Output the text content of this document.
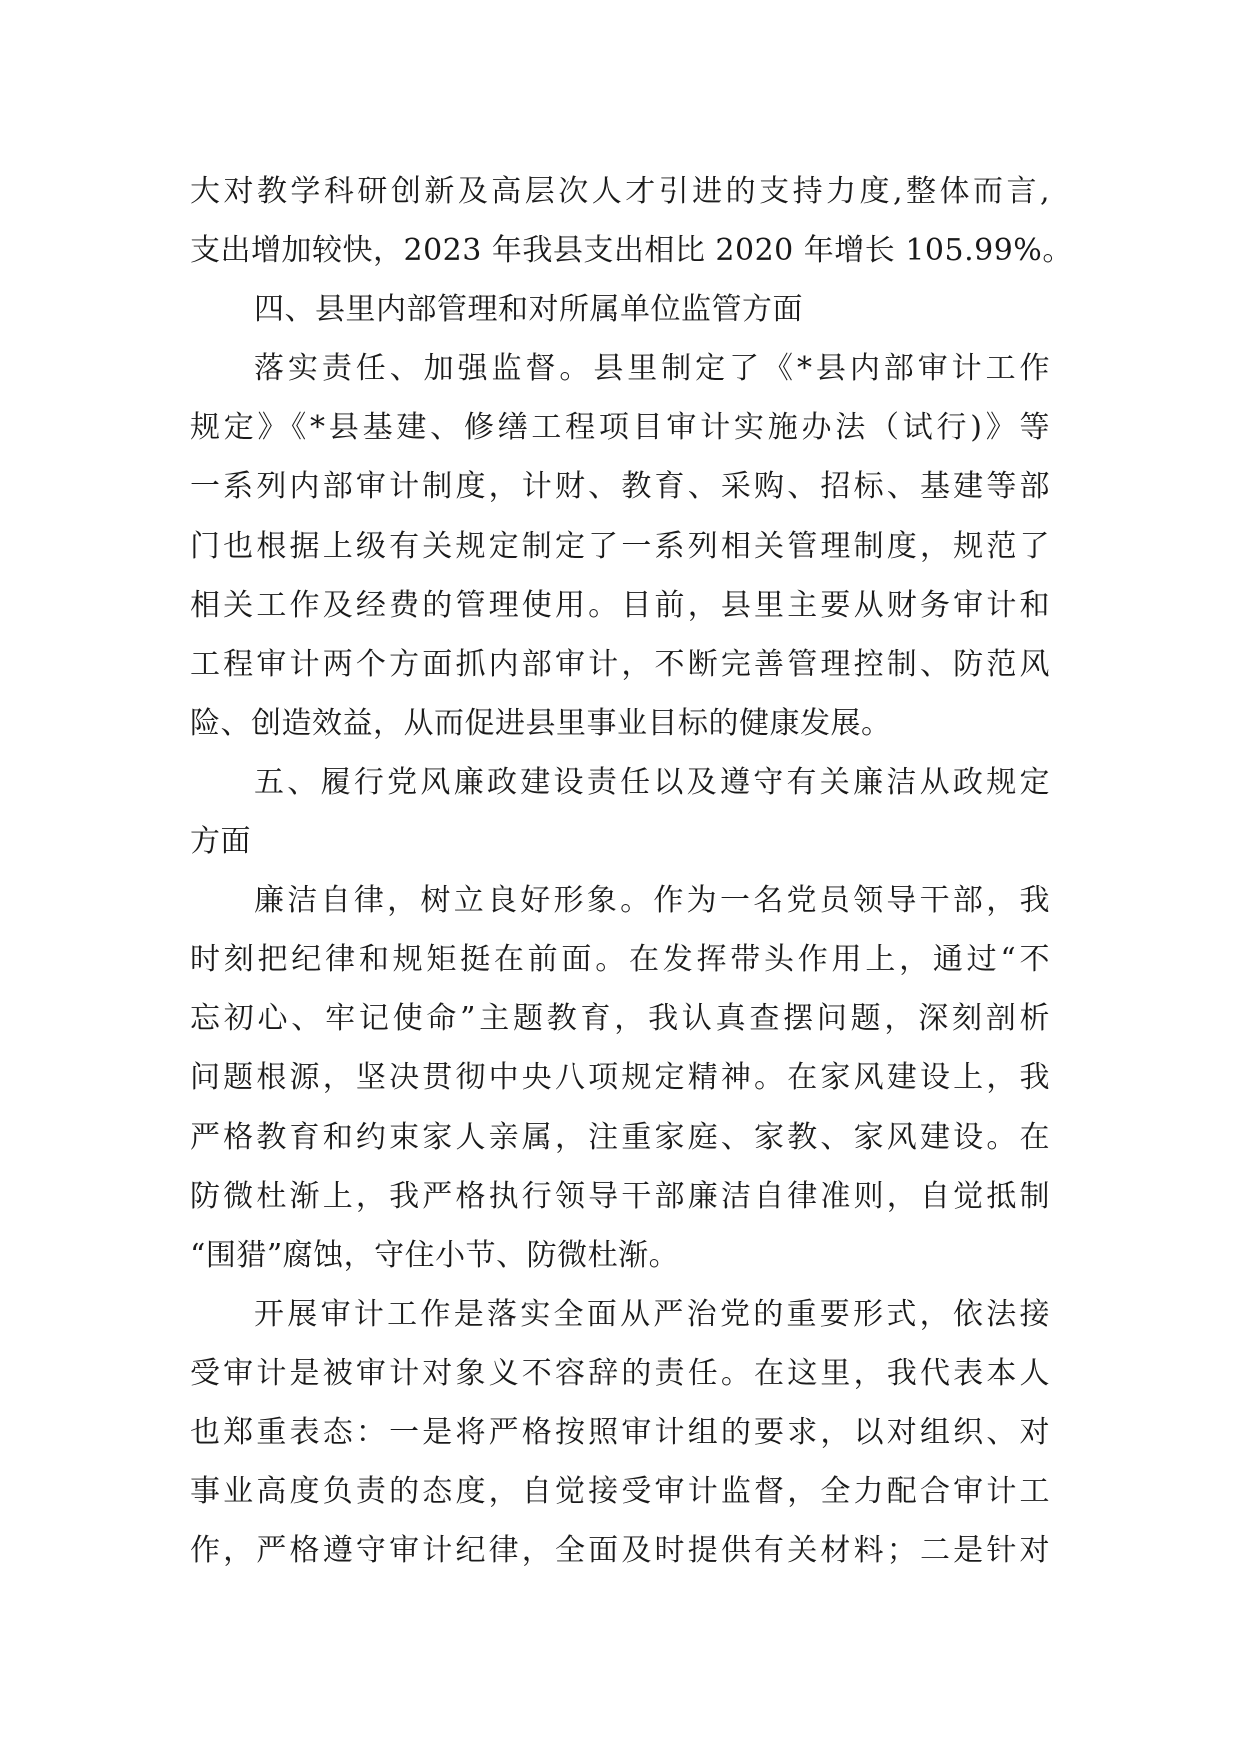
大对教学科研创新及高层次人才引进的支持力度,整体而言,
支出增加较快，2023 年我县支出相比 2020 年增长 105.99%。
四、县里内部管理和对所属单位监管方面
落实责任、加强监督。县里制定了《*县内部审计工作
规定》《*县基建、修缮工程项目审计实施办法（试行)》等
一系列内部审计制度，计财、教育、采购、招标、基建等部
门也根据上级有关规定制定了一系列相关管理制度，规范了
相关工作及经费的管理使用。目前，县里主要从财务审计和
工程审计两个方面抓内部审计，不断完善管理控制、防范风
险、创造效益，从而促进县里事业目标的健康发展。
五、履行党风廉政建设责任以及遵守有关廉洁从政规定
方面
廉洁自律，树立良好形象。作为一名党员领导干部，我
时刻把纪律和规矩挺在前面。在发挥带头作用上，通过“不
忘初心、牢记使命”主题教育，我认真查摆问题，深刻剖析
问题根源，坚决贯彻中央八项规定精神。在家风建设上，我
严格教育和约束家人亲属，注重家庭、家教、家风建设。在
防微杜渐上，我严格执行领导干部廉洁自律准则，自觉抵制
“围猎”腐蚀，守住小节、防微杜渐。
开展审计工作是落实全面从严治党的重要形式，依法接
受审计是被审计对象义不容辞的责任。在这里，我代表本人
也郑重表态：一是将严格按照审计组的要求，以对组织、对
事业高度负责的态度，自觉接受审计监督，全力配合审计工
作，严格遵守审计纪律，全面及时提供有关材料；二是针对
